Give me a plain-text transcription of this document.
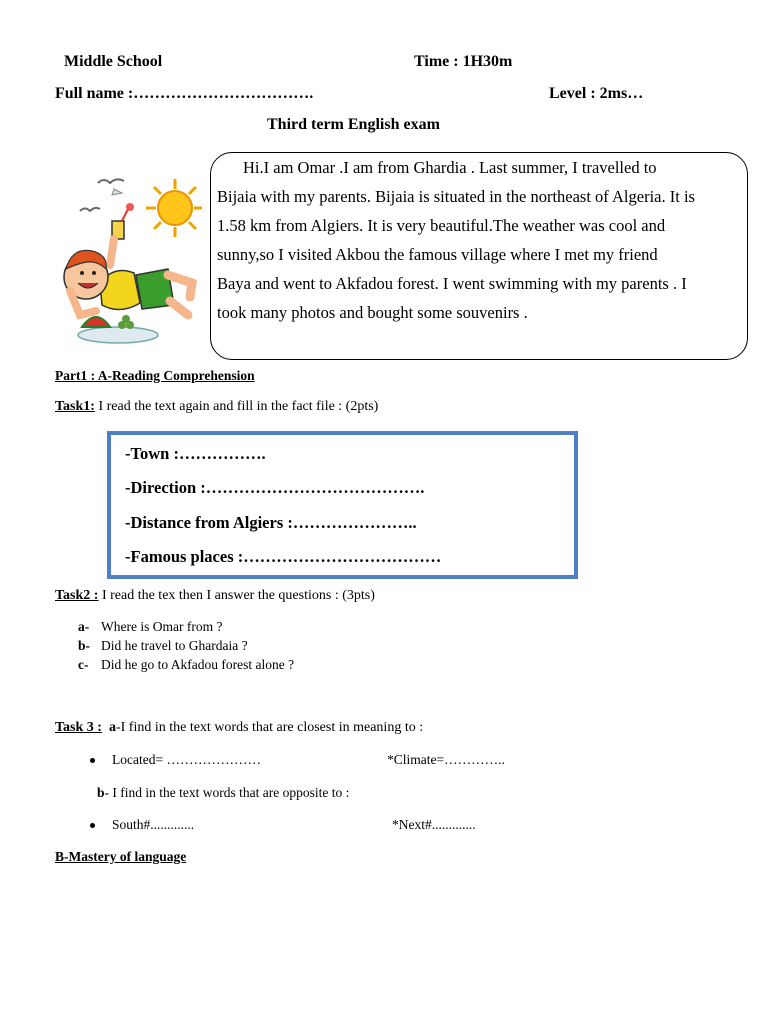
Middle School	Time : 1H30m
Full name :…………………………….	Level : 2ms…
Third term English exam

Hi.I am Omar .I am from Ghardia . Last summer, I travelled to

Bijaia with my parents. Bijaia is situated in the northeast of Algeria. It is

1.58 km from Algiers. It is very beautiful.The weather was cool and

sunny,so I visited Akbou the famous village where I met my friend

Baya and went to Akfadou forest. I went swimming with my parents . I

took many photos and bought some souvenirs .

Part1 : A-Reading Comprehension
Task1: I read the text again and fill in the fact file : (2pts)
-Town :…………….
-Direction :………………………………….
-Distance from Algiers :…………………..
-Famous places :………………………………
Task2 : I read the tex then I answer the questions : (3pts)
a- Where is Omar from ?
b- Did he travel to Ghardaia ?
c- Did he go to Akfadou forest alone ?
Task 3 : a-I find in the text words that are closest in meaning to :
Located= …………………	*Climate=…………..
b- I find in the text words that are opposite to :
South#.............	*Next#.............
B-Mastery of language
